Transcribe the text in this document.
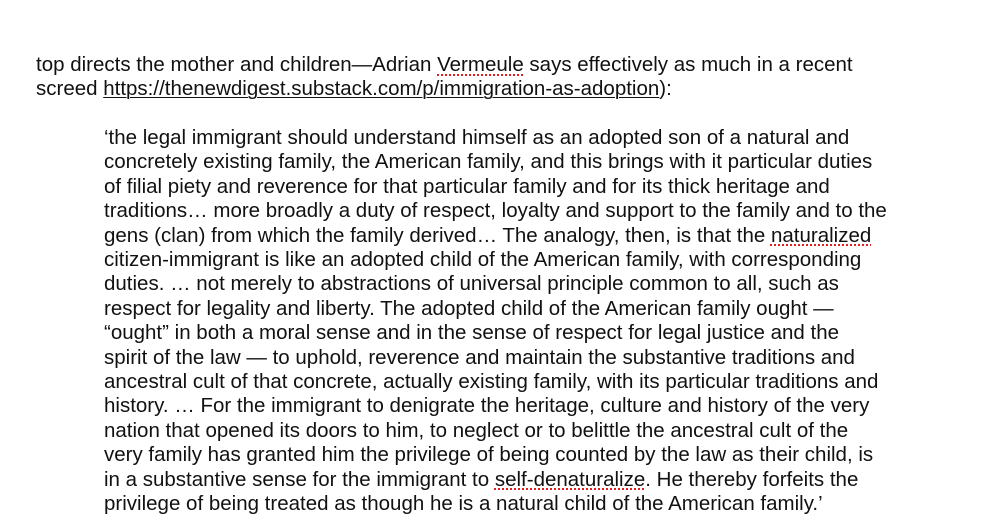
top directs the mother and children—Adrian Vermeule says effectively as much in a recent
screed https://thenewdigest.substack.com/p/immigration-as-adoption):

‘the legal immigrant should understand himself as an adopted son of a natural and
concretely existing family, the American family, and this brings with it particular duties
of filial piety and reverence for that particular family and for its thick heritage and
traditions… more broadly a duty of respect, loyalty and support to the family and to the
gens (clan) from which the family derived… The analogy, then, is that the naturalized
citizen-immigrant is like an adopted child of the American family, with corresponding
duties. … not merely to abstractions of universal principle common to all, such as
respect for legality and liberty. The adopted child of the American family ought —
“ought” in both a moral sense and in the sense of respect for legal justice and the
spirit of the law — to uphold, reverence and maintain the substantive traditions and
ancestral cult of that concrete, actually existing family, with its particular traditions and
history. … For the immigrant to denigrate the heritage, culture and history of the very
nation that opened its doors to him, to neglect or to belittle the ancestral cult of the
very family has granted him the privilege of being counted by the law as their child, is
in a substantive sense for the immigrant to self-denaturalize. He thereby forfeits the
privilege of being treated as though he is a natural child of the American family.’
